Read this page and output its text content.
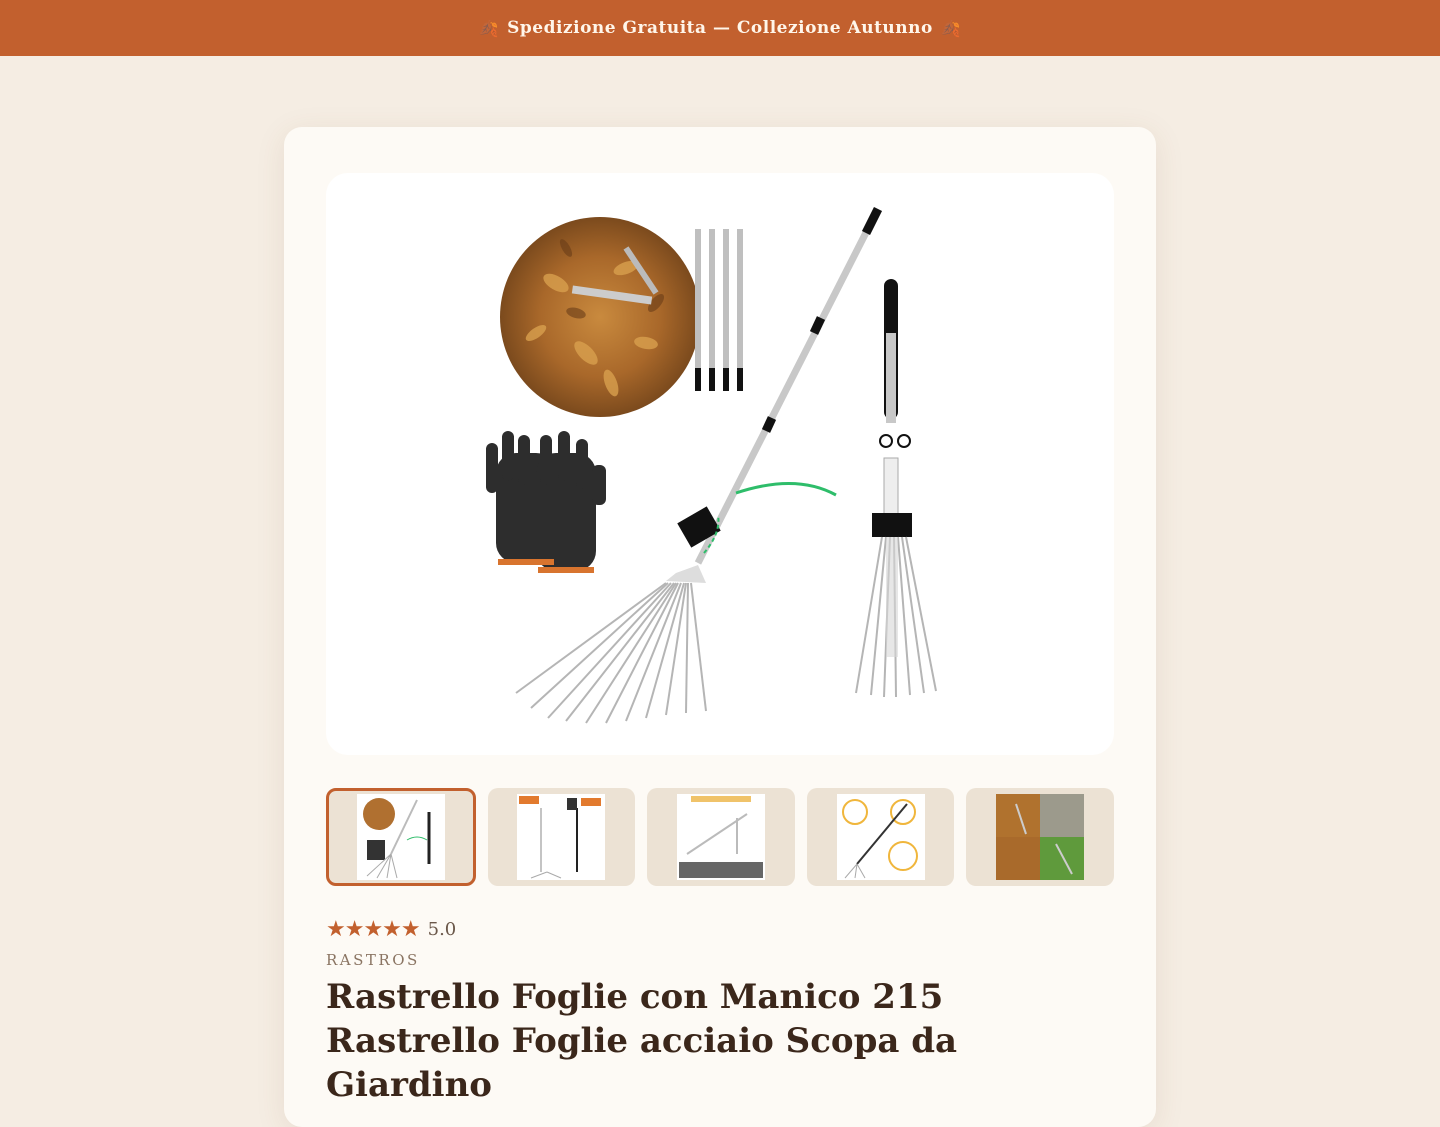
🍂 Spedizione Gratuita — Collezione Autunno 🍂
★★★★★ 5.0
RASTROS
Rastrello Foglie con Manico 215 Rastrello Foglie acciaio Scopa da Giardino
